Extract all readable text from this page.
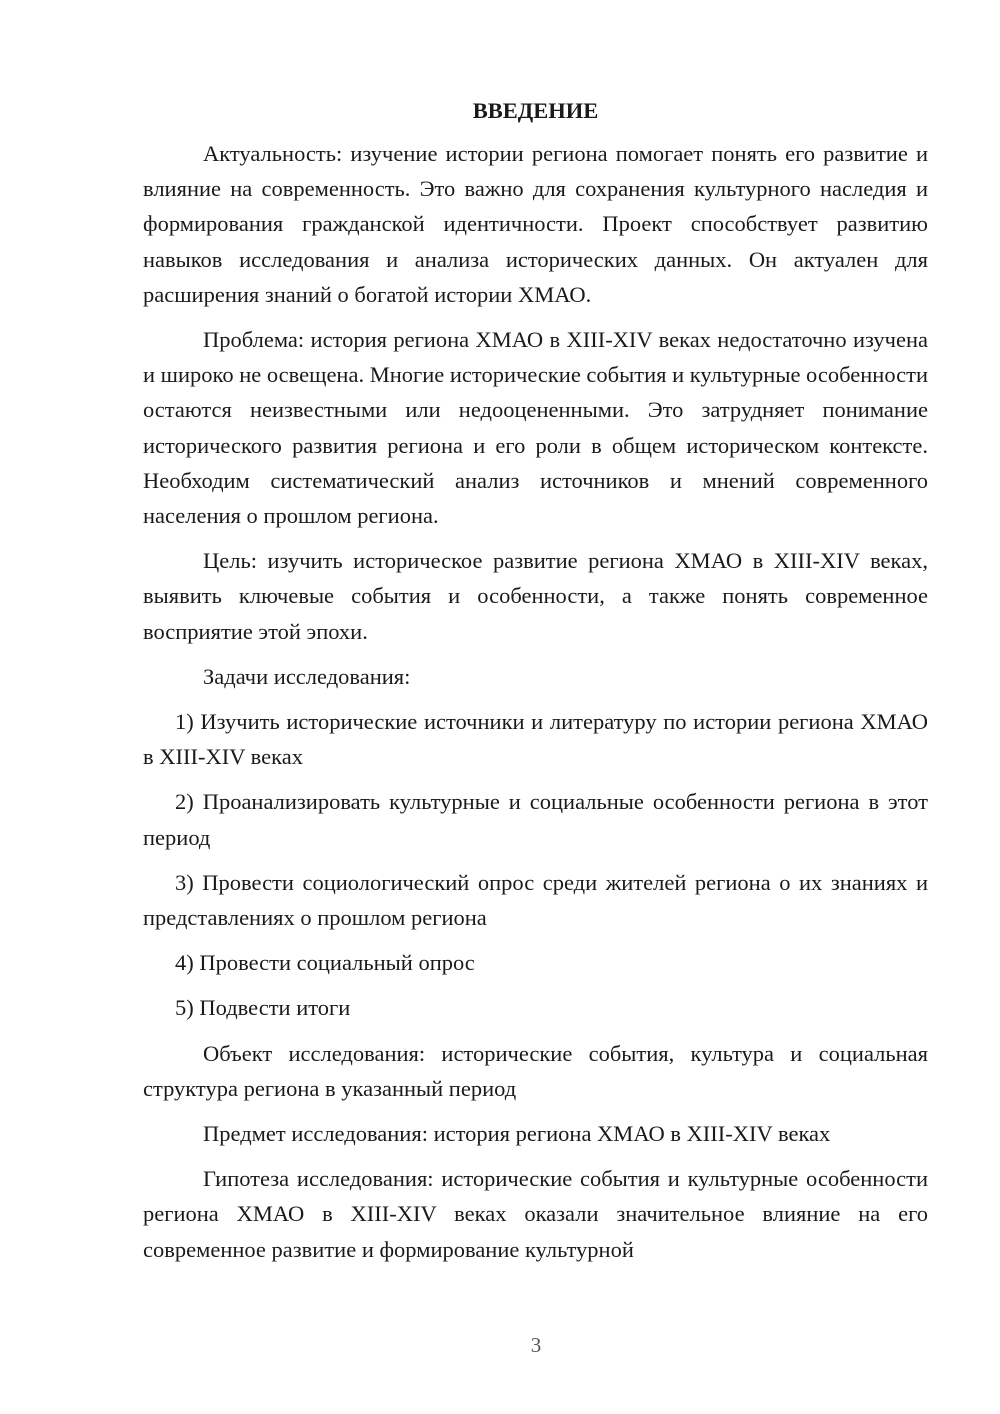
ВВЕДЕНИЕ

Актуальность: изучение истории региона помогает понять его развитие и влияние на современность. Это важно для сохранения культурного наследия и формирования гражданской идентичности. Проект способствует развитию навыков исследования и анализа исторических данных. Он актуален для расширения знаний о богатой истории ХМАО.

Проблема: история региона ХМАО в XIII-XIV веках недостаточно изучена и широко не освещена. Многие исторические события и культурные особенности остаются неизвестными или недооцененными. Это затрудняет понимание исторического развития региона и его роли в общем историческом контексте. Необходим систематический анализ источников и мнений современного населения о прошлом региона.

Цель: изучить историческое развитие региона ХМАО в XIII-XIV веках, выявить ключевые события и особенности, а также понять современное восприятие этой эпохи.

Задачи исследования:

1) Изучить исторические источники и литературу по истории региона ХМАО в XIII-XIV веках

2) Проанализировать культурные и социальные особенности региона в этот период

3) Провести социологический опрос среди жителей региона о их знаниях и представлениях о прошлом региона

4) Провести социальный опрос

5) Подвести итоги

Объект исследования: исторические события, культура и социальная структура региона в указанный период

Предмет исследования: история региона ХМАО в XIII-XIV веках

Гипотеза исследования: исторические события и культурные особенности региона ХМАО в XIII-XIV веках оказали значительное влияние на его современное развитие и формирование культурной

3
